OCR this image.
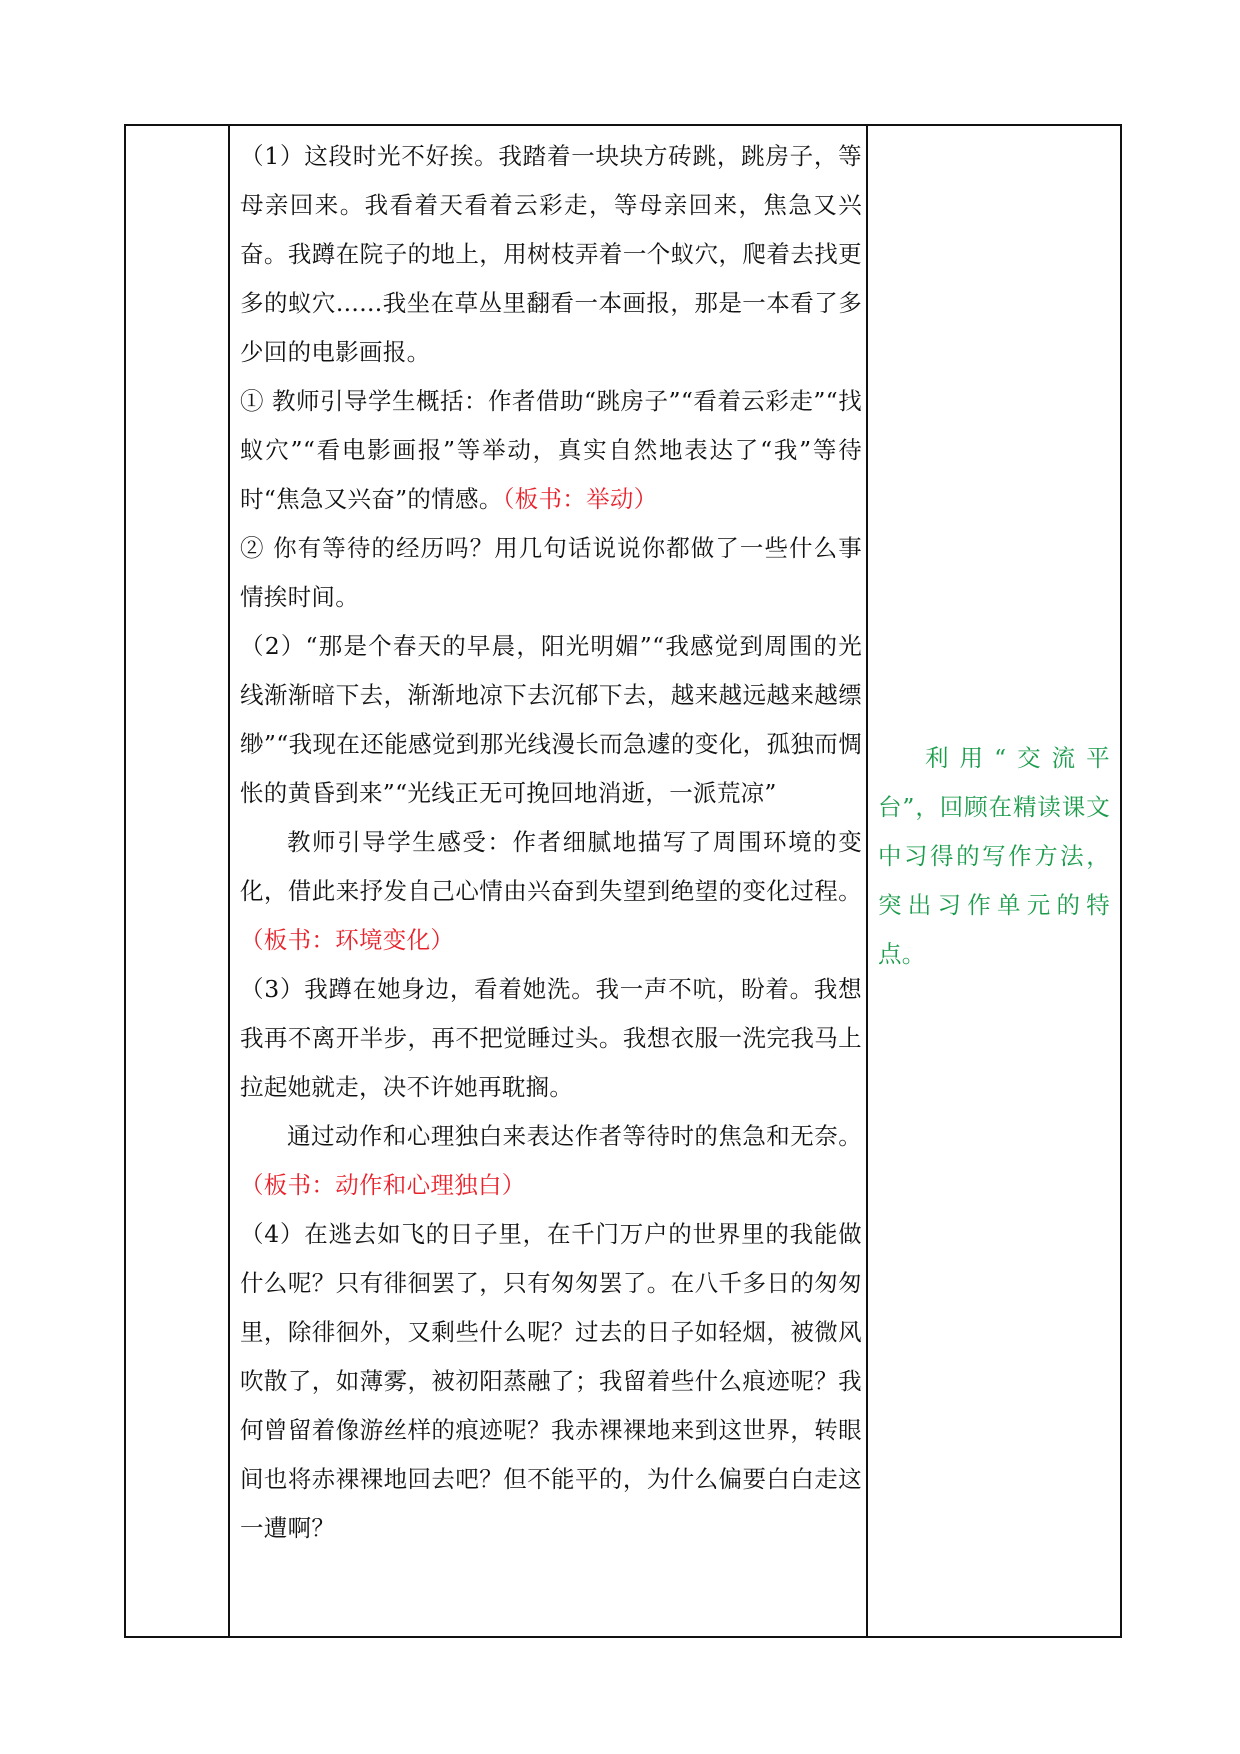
（1）这段时光不好挨。我踏着一块块方砖跳，跳房子，等母亲回来。我看着天看着云彩走，等母亲回来，焦急又兴奋。我蹲在院子的地上，用树枝弄着一个蚁穴，爬着去找更多的蚁穴......我坐在草丛里翻看一本画报，那是一本看了多少回的电影画报。

① 教师引导学生概括：作者借助“跳房子”“看着云彩走”“找蚁穴”“看电影画报”等举动，真实自然地表达了“我”等待时“焦急又兴奋”的情感。（板书：举动）

② 你有等待的经历吗？用几句话说说你都做了一些什么事情挨时间。

（2）“那是个春天的早晨，阳光明媚”“我感觉到周围的光线渐渐暗下去，渐渐地凉下去沉郁下去，越来越远越来越缥缈”“我现在还能感觉到那光线漫长而急遽的变化，孤独而惆怅的黄昏到来”“光线正无可挽回地消逝，一派荒凉”

教师引导学生感受：作者细腻地描写了周围环境的变化，借此来抒发自己心情由兴奋到失望到绝望的变化过程。（板书：环境变化）

（3）我蹲在她身边，看着她洗。我一声不吭，盼着。我想我再不离开半步，再不把觉睡过头。我想衣服一洗完我马上拉起她就走，决不许她再耽搁。

通过动作和心理独白来表达作者等待时的焦急和无奈。（板书：动作和心理独白）

（4）在逃去如飞的日子里，在千门万户的世界里的我能做什么呢？只有徘徊罢了，只有匆匆罢了。在八千多日的匆匆里，除徘徊外，又剩些什么呢？过去的日子如轻烟，被微风吹散了，如薄雾，被初阳蒸融了；我留着些什么痕迹呢？我何曾留着像游丝样的痕迹呢？我赤裸裸地来到这世界，转眼间也将赤裸裸地回去吧？但不能平的，为什么偏要白白走这一遭啊？

利用“交流平台”，回顾在精读课文中习得的写作方法，突出习作单元的特点。
